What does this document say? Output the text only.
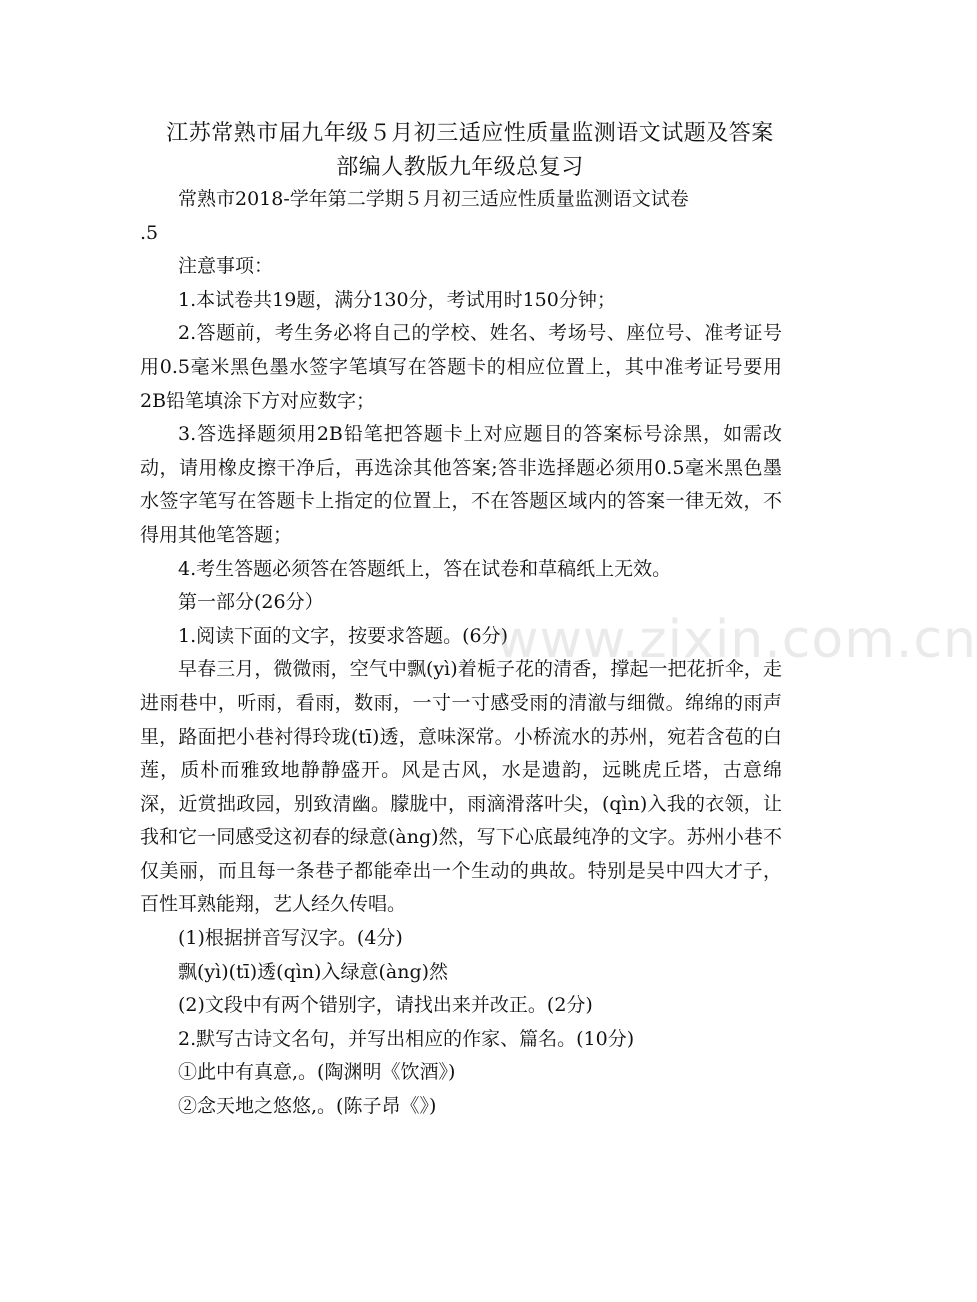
江苏常熟市届九年级５月初三适应性质量监测语文试题及答案
部编人教版九年级总复习

常熟市2018-学年第二学期５月初三适应性质量监测语文试卷

.5

注意事项：

1.本试卷共19题，满分130分，考试用时150分钟；

2.答题前，考生务必将自己的学校、姓名、考场号、座位号、准考证号用0.5毫米黑色墨水签字笔填写在答题卡的相应位置上，其中准考证号要用2B铅笔填涂下方对应数字；

3.答选择题须用2B铅笔把答题卡上对应题目的答案标号涂黑，如需改动，请用橡皮擦干净后，再选涂其他答案;答非选择题必须用0.5毫米黑色墨水签字笔写在答题卡上指定的位置上，不在答题区域内的答案一律无效，不得用其他笔答题；

4.考生答题必须答在答题纸上，答在试卷和草稿纸上无效。

第一部分(26分）

1.阅读下面的文字，按要求答题。(6分)

早春三月，微微雨，空气中飘(yì)着栀子花的清香，撑起一把花折伞，走进雨巷中，听雨，看雨，数雨，一寸一寸感受雨的清澈与细微。绵绵的雨声里，路面把小巷衬得玲珑(tī)透，意味深常。小桥流水的苏州，宛若含苞的白莲，质朴而雅致地静静盛开。风是古风，水是遗韵，远眺虎丘塔，古意绵深，近赏拙政园，别致清幽。朦胧中，雨滴滑落叶尖，(qìn)入我的衣领，让我和它一同感受这初春的绿意(àng)然，写下心底最纯净的文字。苏州小巷不仅美丽，而且每一条巷子都能牵出一个生动的典故。特别是吴中四大才子，百性耳熟能翔，艺人经久传唱。

(1)根据拼音写汉字。(4分)

飘(yì)(tī)透(qìn)入绿意(àng)然

(2)文段中有两个错别字，请找出来并改正。(2分)

2.默写古诗文名句，并写出相应的作家、篇名。(10分)

①此中有真意,。(陶渊明《饮酒》)

②念天地之悠悠,。(陈子昂《》)

www.zixin.com.cn
